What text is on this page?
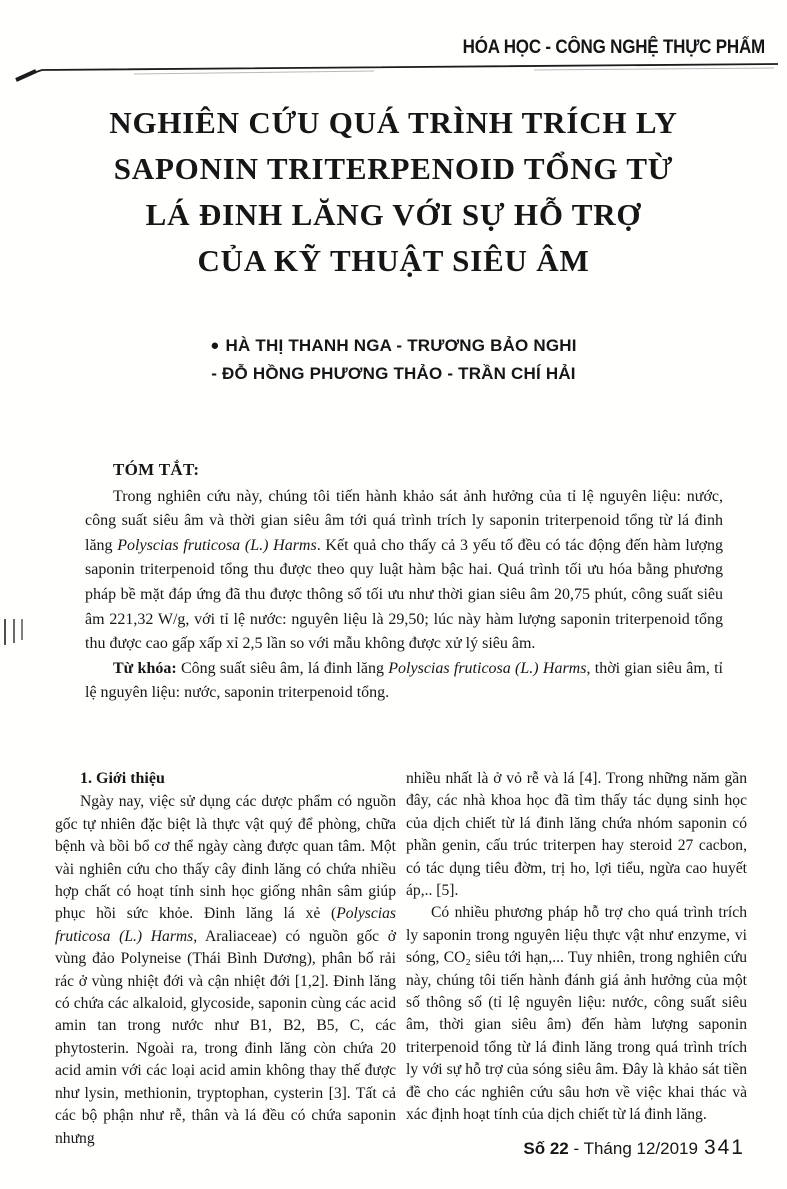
HÓA HỌC - CÔNG NGHỆ THỰC PHẨM
NGHIÊN CỨU QUÁ TRÌNH TRÍCH LY
SAPONIN TRITERPENOID TỔNG TỪ
LÁ ĐINH LĂNG VỚI SỰ HỖ TRỢ
CỦA KỸ THUẬT SIÊU ÂM
● HÀ THỊ THANH NGA - TRƯƠNG BẢO NGHI
- ĐỖ HỒNG PHƯƠNG THẢO - TRẦN CHÍ HẢI
TÓM TẮT:

Trong nghiên cứu này, chúng tôi tiến hành khảo sát ảnh hưởng của tỉ lệ nguyên liệu: nước, công suất siêu âm và thời gian siêu âm tới quá trình trích ly saponin triterpenoid tổng từ lá đinh lăng Polyscias fruticosa (L.) Harms. Kết quả cho thấy cả 3 yếu tố đều có tác động đến hàm lượng saponin triterpenoid tổng thu được theo quy luật hàm bậc hai. Quá trình tối ưu hóa bằng phương pháp bề mặt đáp ứng đã thu được thông số tối ưu như thời gian siêu âm 20,75 phút, công suất siêu âm 221,32 W/g, với tỉ lệ nước: nguyên liệu là 29,50; lúc này hàm lượng saponin triterpenoid tổng thu được cao gấp xấp xỉ 2,5 lần so với mẫu không được xử lý siêu âm.

Từ khóa: Công suất siêu âm, lá đinh lăng Polyscias fruticosa (L.) Harms, thời gian siêu âm, tỉ lệ nguyên liệu: nước, saponin triterpenoid tổng.

1. Giới thiệu

Ngày nay, việc sử dụng các dược phẩm có nguồn gốc tự nhiên đặc biệt là thực vật quý để phòng, chữa bệnh và bồi bổ cơ thể ngày càng được quan tâm. Một vài nghiên cứu cho thấy cây đinh lăng có chứa nhiều hợp chất có hoạt tính sinh học giống nhân sâm giúp phục hồi sức khỏe. Đinh lăng lá xẻ (Polyscias fruticosa (L.) Harms, Araliaceae) có nguồn gốc ở vùng đảo Polyneise (Thái Bình Dương), phân bố rải rác ở vùng nhiệt đới và cận nhiệt đới [1,2]. Đinh lăng có chứa các alkaloid, glycoside, saponin cùng các acid amin tan trong nước như B1, B2, B5, C, các phytosterin. Ngoài ra, trong đinh lăng còn chứa 20 acid amin với các loại acid amin không thay thế được như lysin, methionin, tryptophan, cysterin [3]. Tất cả các bộ phận như rễ, thân và lá đều có chứa saponin nhưng

nhiều nhất là ở vỏ rễ và lá [4]. Trong những năm gần đây, các nhà khoa học đã tìm thấy tác dụng sinh học của dịch chiết từ lá đinh lăng chứa nhóm saponin có phần genin, cấu trúc triterpen hay steroid 27 cacbon, có tác dụng tiêu đờm, trị ho, lợi tiểu, ngừa cao huyết áp,.. [5].

Có nhiều phương pháp hỗ trợ cho quá trình trích ly saponin trong nguyên liệu thực vật như enzyme, vi sóng, CO₂ siêu tới hạn,... Tuy nhiên, trong nghiên cứu này, chúng tôi tiến hành đánh giá ảnh hưởng của một số thông số (tỉ lệ nguyên liệu: nước, công suất siêu âm, thời gian siêu âm) đến hàm lượng saponin triterpenoid tổng từ lá đinh lăng trong quá trình trích ly với sự hỗ trợ của sóng siêu âm. Đây là khảo sát tiền đề cho các nghiên cứu sâu hơn về việc khai thác và xác định hoạt tính của dịch chiết từ lá đinh lăng.

Số 22 - Tháng 12/2019 341
